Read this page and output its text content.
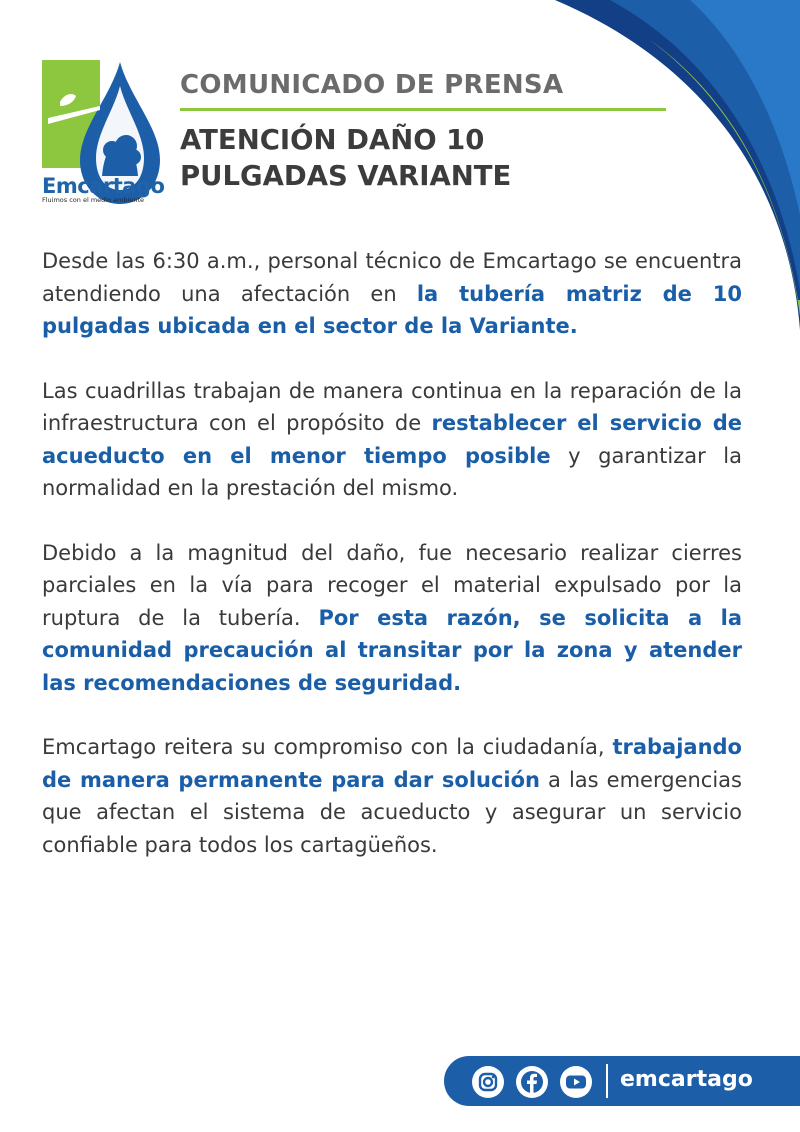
Emcartago
Fluimos con el medio ambiente
COMUNICADO DE PRENSA
ATENCIÓN DAÑO 10
PULGADAS VARIANTE

Desde las 6:30 a.m., personal técnico de Emcartago se encuentra atendiendo una afectación en la tubería matriz de 10 pulgadas ubicada en el sector de la Variante.

Las cuadrillas trabajan de manera continua en la reparación de la infraestructura con el propósito de restablecer el servicio de acueducto en el menor tiempo posible y garantizar la normalidad en la prestación del mismo.

Debido a la magnitud del daño, fue necesario realizar cierres parciales en la vía para recoger el material expulsado por la ruptura de la tubería. Por esta razón, se solicita a la comunidad precaución al transitar por la zona y atender las recomendaciones de seguridad.

Emcartago reitera su compromiso con la ciudadanía, trabajando de manera permanente para dar solución a las emergencias que afectan el sistema de acueducto y asegurar un servicio confiable para todos los cartagüeños.

emcartago
